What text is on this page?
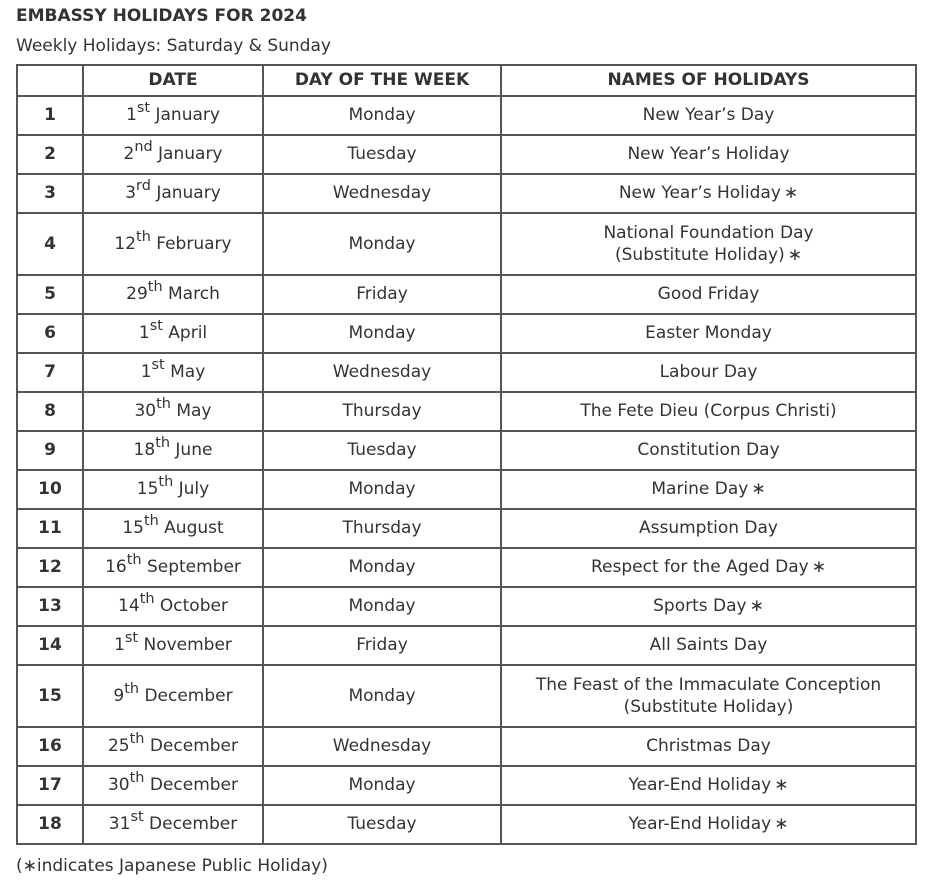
EMBASSY HOLIDAYS FOR 2024
Weekly Holidays: Saturday & Sunday
	DATE	DAY OF THE WEEK	NAMES OF HOLIDAYS
1	1st January	Monday	New Year’s Day
2	2nd January	Tuesday	New Year’s Holiday
3	3rd January	Wednesday	New Year’s Holiday ∗
4	12th February	Monday	National Foundation Day
(Substitute Holiday) ∗
5	29th March	Friday	Good Friday
6	1st April	Monday	Easter Monday
7	1st May	Wednesday	Labour Day
8	30th May	Thursday	The Fete Dieu (Corpus Christi)
9	18th June	Tuesday	Constitution Day
10	15th July	Monday	Marine Day ∗
11	15th August	Thursday	Assumption Day
12	16th September	Monday	Respect for the Aged Day ∗
13	14th October	Monday	Sports Day ∗
14	1st November	Friday	All Saints Day
15	9th December	Monday	The Feast of the Immaculate Conception
(Substitute Holiday)
16	25th December	Wednesday	Christmas Day
17	30th December	Monday	Year-End Holiday ∗
18	31st December	Tuesday	Year-End Holiday ∗
(∗indicates Japanese Public Holiday)
